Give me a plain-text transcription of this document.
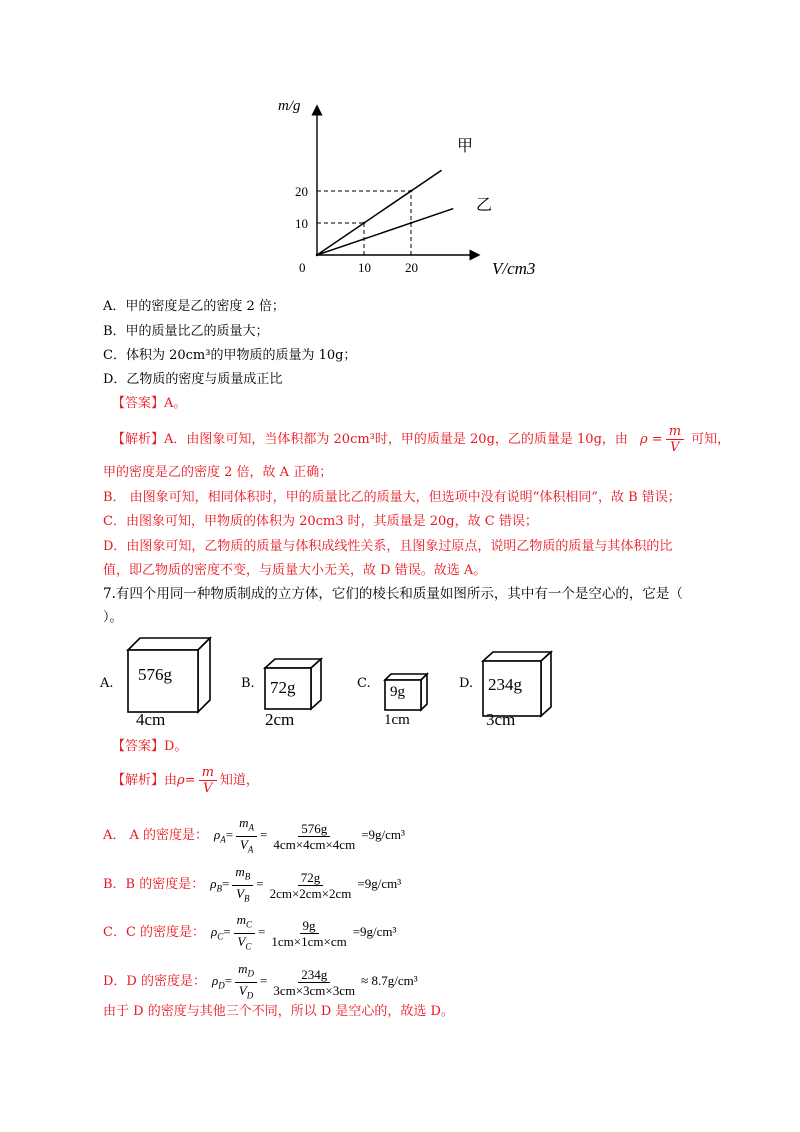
10	20
10
20
0
m/g
V/cm3
甲
乙
A．甲的密度是乙的密度 2 倍；
B．甲的质量比乙的质量大；
C．体积为 20cm³的甲物质的质量为 10g；
D．乙物质的密度与质量成正比
【答案】A。
【解析】A．由图象可知，当体积都为 20cm³时，甲的质量是 20g，乙的质量是 10g，由 $\rho = \frac{m}{V}$ 可知，
甲的密度是乙的密度 2 倍，故 A 正确；
B． 由图象可知，相同体积时，甲的质量比乙的质量大，但选项中没有说明“体积相同”，故 B 错误；
C．由图象可知，甲物质的体积为 20cm3 时，其质量是 20g，故 C 错误；
D．由图象可知，乙物质的质量与体积成线性关系，且图象过原点，说明乙物质的质量与其体积的比
值，即乙物质的密度不变，与质量大小无关，故 D 错误。故选 A。
7.有四个用同一种物质制成的立方体，它们的棱长和质量如图所示，其中有一个是空心的，它是（
）。
A. 576g
4cm
B. 72g
2cm
C.
9g
1cm
D. 234g
3cm
【答案】D。
【解析】由$\rho= \frac{m}{V}$ 知道，
A． A 的密度是： $\rho_A= \frac{m_A}{V_A} = \frac{576g}{4cm\times 4cm\times 4cm} =9g/cm^3$
B．B 的密度是： $\rho_B= \frac{m_B}{V_B} = \frac{72g}{2cm\times 2cm\times 2cm} =9g/cm^3$
C．C 的密度是： $\rho_C= \frac{m_C}{V_C} = \frac{9g}{1cm\times 1cm\times cm} =9g/cm^3$
D．D 的密度是： $\rho_D= \frac{m_D}{V_D} = \frac{234g}{3cm\times 3cm\times 3cm} \approx 8.7g/cm^3$
由于 D 的密度与其他三个不同，所以 D 是空心的，故选 D。
